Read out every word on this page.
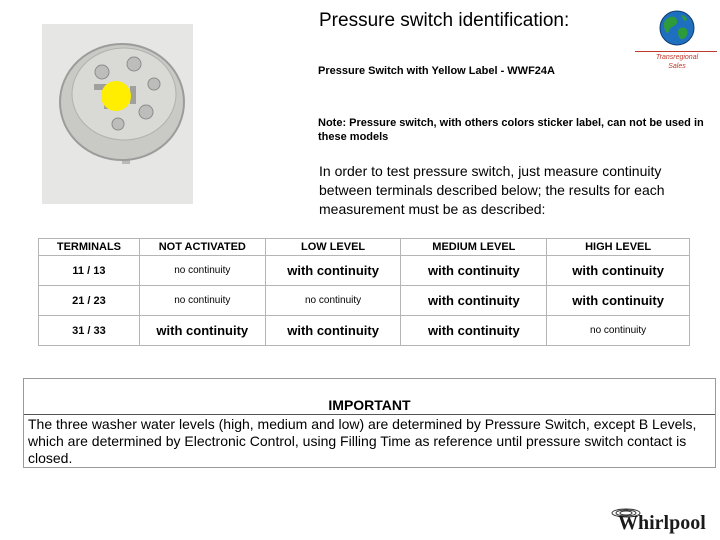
Pressure switch identification:
Transregional
Sales
Pressure Switch with Yellow Label - WWF24A
Note: Pressure switch, with others colors sticker label, can not be used in these models
In order to test pressure switch, just measure continuity between terminals described below; the results for each measurement must be as described:
TERMINALS	NOT ACTIVATED	LOW LEVEL	MEDIUM LEVEL	HIGH LEVEL
11 / 13	no continuity	with continuity	with continuity	with continuity
21 / 23	no continuity	no continuity	with continuity	with continuity
31 / 33	with continuity	with continuity	with continuity	no continuity
IMPORTANT
The three washer water levels (high, medium and low) are determined by Pressure Switch, except B Levels, which are determined by Electronic Control, using Filling Time as reference until pressure switch contact is closed.
Whirlpool
